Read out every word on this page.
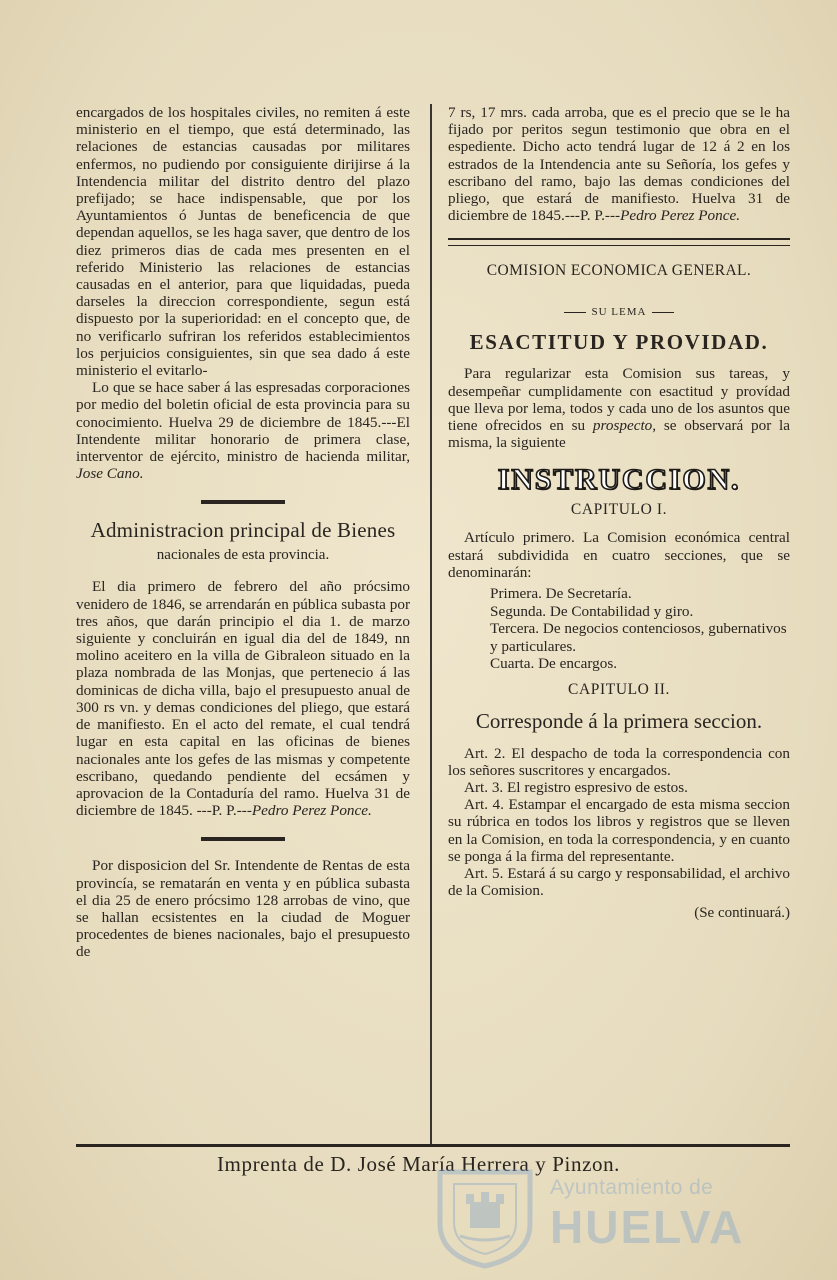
encargados de los hospitales civiles, no remiten á este ministerio en el tiempo, que está determinado, las relaciones de estancias causadas por militares enfermos, no pudiendo por consiguiente dirijirse á la Intendencia militar del distrito dentro del plazo prefijado; se hace indispensable, que por los Ayuntamientos ó Juntas de beneficencia de que dependan aquellos, se les haga saver, que dentro de los diez primeros dias de cada mes presenten en el referido Ministerio las relaciones de estancias causadas en el anterior, para que liquidadas, pueda darseles la direccion correspondiente, segun está dispuesto por la superioridad: en el concepto que, de no verificarlo sufriran los referidos establecimientos los perjuicios consiguientes, sin que sea dado á este ministerio el evitarlo-

Lo que se hace saber á las espresadas corporaciones por medio del boletin oficial de esta provincia para su conocimiento. Huelva 29 de diciembre de 1845.---El Intendente militar honorario de primera clase, interventor de ejército, ministro de hacienda militar, Jose Cano.

Administracion principal de Bienes

nacionales de esta provincia.

El dia primero de febrero del año prócsimo venidero de 1846, se arrendarán en pública subasta por tres años, que darán principio el dia 1. de marzo siguiente y concluirán en igual dia del de 1849, nn molino aceitero en la villa de Gibraleon situado en la plaza nombrada de las Monjas, que pertenecio á las dominicas de dicha villa, bajo el presupuesto anual de 300 rs vn. y demas condiciones del pliego, que estará de manifiesto. En el acto del remate, el cual tendrá lugar en esta capital en las oficinas de bienes nacionales ante los gefes de las mismas y competente escribano, quedando pendiente del ecsámen y aprovacion de la Contaduría del ramo. Huelva 31 de diciembre de 1845. ---P. P.---Pedro Perez Ponce.

Por disposicion del Sr. Intendente de Rentas de esta provincía, se rematarán en venta y en pública subasta el dia 25 de enero prócsimo 128 arrobas de vino, que se hallan ecsistentes en la ciudad de Moguer procedentes de bienes nacionales, bajo el presupuesto de

7 rs, 17 mrs. cada arroba, que es el precio que se le ha fijado por peritos segun testimonio que obra en el espediente. Dicho acto tendrá lugar de 12 á 2 en los estrados de la Intendencia ante su Señoría, los gefes y escribano del ramo, bajo las demas condiciones del pliego, que estará de manifiesto. Huelva 31 de diciembre de 1845.---P. P.---Pedro Perez Ponce.

COMISION ECONOMICA GENERAL.

SU LEMA

ESACTITUD Y PROVIDAD.

Para regularizar esta Comision sus tareas, y desempeñar cumplidamente con esactitud y provídad que lleva por lema, todos y cada uno de los asuntos que tiene ofrecidos en su prospecto, se observará por la misma, la siguiente

INSTRUCCION.

CAPITULO I.

Artículo primero. La Comision económica central estará subdividida en cuatro secciones, que se denominarán:

Primera. De Secretaría.

Segunda. De Contabilidad y giro.

Tercera. De negocios contenciosos, gubernativos y particulares.

Cuarta. De encargos.

CAPITULO II.

Corresponde á la primera seccion.

Art. 2. El despacho de toda la correspondencia con los señores suscritores y encargados.

Art. 3. El registro espresivo de estos.

Art. 4. Estampar el encargado de esta misma seccion su rúbrica en todos los libros y registros que se lleven en la Comision, en toda la correspondencia, y en cuanto se ponga á la firma del representante.

Art. 5. Estará á su cargo y responsabilidad, el archivo de la Comision.

(Se continuará.)

Imprenta de D. José María Herrera y Pinzon.

Ayuntamiento de
HUELVA
